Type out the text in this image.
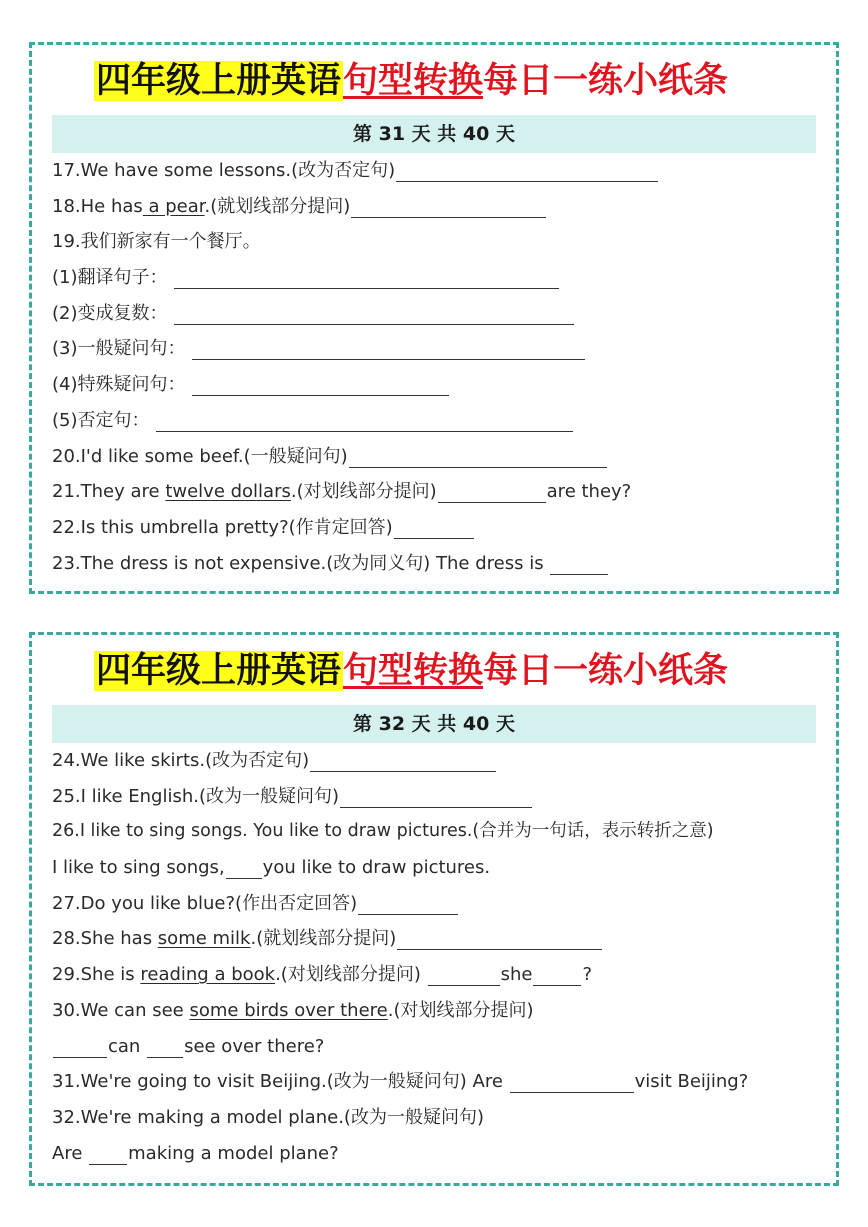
四年级上册英语句型转换每日一练小纸条
第 31 天 共 40 天
17.We have some lessons.(改为否定句)
18.He has a pear.(就划线部分提问)
19.我们新家有一个餐厅。
(1)翻译句子：
(2)变成复数：
(3)一般疑问句：
(4)特殊疑问句：
(5)否定句：
20.I'd like some beef.(一般疑问句)
21.They are twelve dollars.(对划线部分提问)	are they?
22.Is this umbrella pretty?(作肯定回答)
23.The dress is not expensive.(改为同义句) The dress is
四年级上册英语句型转换每日一练小纸条
第 32 天 共 40 天
24.We like skirts.(改为否定句)
25.I like English.(改为一般疑问句)
26.I like to sing songs. You like to draw pictures.(合并为一句话，表示转折之意)
I like to sing songs, you like to draw pictures.
27.Do you like blue?(作出否定回答)
28.She has some milk.(就划线部分提问)
29.She is reading a book.(对划线部分提问)	she	?
30.We can see some birds over there.(对划线部分提问)
can see over there?
31.We're going to visit Beijing.(改为一般疑问句) Are	visit Beijing?
32.We're making a model plane.(改为一般疑问句)
Are making a model plane?
